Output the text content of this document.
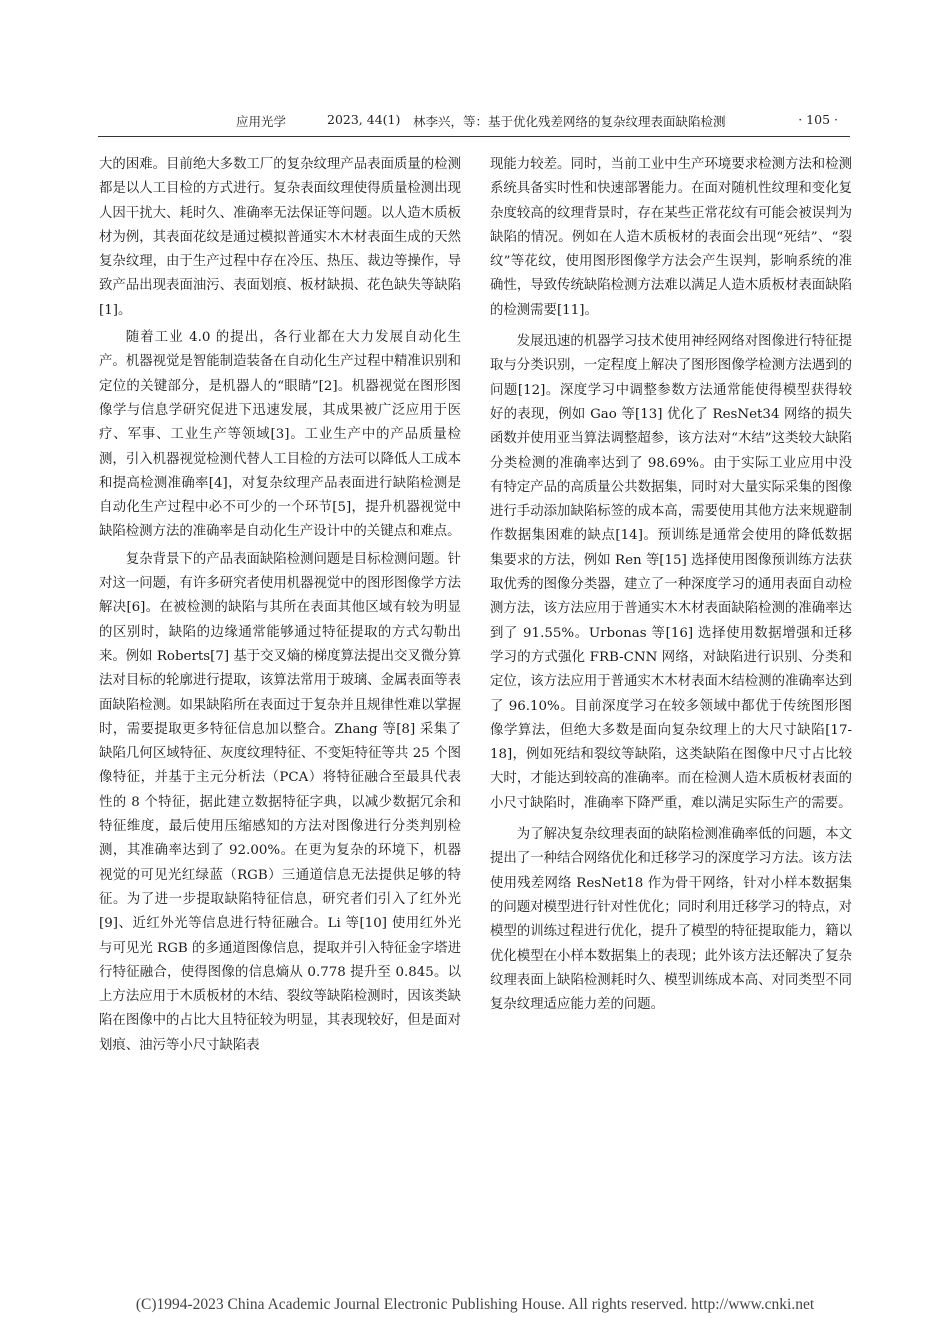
应用光学	2023, 44(1) 林李兴，等：基于优化残差网络的复杂纹理表面缺陷检测	· 105 ·

大的困难。目前绝大多数工厂的复杂纹理产品表面质量的检测都是以人工目检的方式进行。复杂表面纹理使得质量检测出现人因干扰大、耗时久、准确率无法保证等问题。以人造木质板材为例，其表面花纹是通过模拟普通实木木材表面生成的天然复杂纹理，由于生产过程中存在冷压、热压、裁边等操作，导致产品出现表面油污、表面划痕、板材缺损、花色缺失等缺陷[1]。

随着工业 4.0 的提出，各行业都在大力发展自动化生产。机器视觉是智能制造装备在自动化生产过程中精准识别和定位的关键部分，是机器人的“眼睛”[2]。机器视觉在图形图像学与信息学研究促进下迅速发展，其成果被广泛应用于医疗、军事、工业生产等领域[3]。工业生产中的产品质量检测，引入机器视觉检测代替人工目检的方法可以降低人工成本和提高检测准确率[4]，对复杂纹理产品表面进行缺陷检测是自动化生产过程中必不可少的一个环节[5]，提升机器视觉中缺陷检测方法的准确率是自动化生产设计中的关键点和难点。

复杂背景下的产品表面缺陷检测问题是目标检测问题。针对这一问题，有许多研究者使用机器视觉中的图形图像学方法解决[6]。在被检测的缺陷与其所在表面其他区域有较为明显的区别时，缺陷的边缘通常能够通过特征提取的方式勾勒出来。例如 Roberts[7] 基于交叉熵的梯度算法提出交叉微分算法对目标的轮廓进行提取，该算法常用于玻璃、金属表面等表面缺陷检测。如果缺陷所在表面过于复杂并且规律性难以掌握时，需要提取更多特征信息加以整合。Zhang 等[8] 采集了缺陷几何区域特征、灰度纹理特征、不变矩特征等共 25 个图像特征，并基于主元分析法（PCA）将特征融合至最具代表性的 8 个特征，据此建立数据特征字典，以减少数据冗余和特征维度，最后使用压缩感知的方法对图像进行分类判别检测，其准确率达到了 92.00%。在更为复杂的环境下，机器视觉的可见光红绿蓝（RGB）三通道信息无法提供足够的特征。为了进一步提取缺陷特征信息，研究者们引入了红外光[9]、近红外光等信息进行特征融合。Li 等[10] 使用红外光与可见光 RGB 的多通道图像信息，提取并引入特征金字塔进行特征融合，使得图像的信息熵从 0.778 提升至 0.845。以上方法应用于木质板材的木结、裂纹等缺陷检测时，因该类缺陷在图像中的占比大且特征较为明显，其表现较好，但是面对划痕、油污等小尺寸缺陷表

现能力较差。同时，当前工业中生产环境要求检测方法和检测系统具备实时性和快速部署能力。在面对随机性纹理和变化复杂度较高的纹理背景时，存在某些正常花纹有可能会被误判为缺陷的情况。例如在人造木质板材的表面会出现“死结”、“裂纹”等花纹，使用图形图像学方法会产生误判，影响系统的准确性，导致传统缺陷检测方法难以满足人造木质板材表面缺陷的检测需要[11]。

发展迅速的机器学习技术使用神经网络对图像进行特征提取与分类识别，一定程度上解决了图形图像学检测方法遇到的问题[12]。深度学习中调整参数方法通常能使得模型获得较好的表现，例如 Gao 等[13] 优化了 ResNet34 网络的损失函数并使用亚当算法调整超参，该方法对“木结”这类较大缺陷分类检测的准确率达到了 98.69%。由于实际工业应用中没有特定产品的高质量公共数据集，同时对大量实际采集的图像进行手动添加缺陷标签的成本高，需要使用其他方法来规避制作数据集困难的缺点[14]。预训练是通常会使用的降低数据集要求的方法，例如 Ren 等[15] 选择使用图像预训练方法获取优秀的图像分类器，建立了一种深度学习的通用表面自动检测方法，该方法应用于普通实木木材表面缺陷检测的准确率达到了 91.55%。Urbonas 等[16] 选择使用数据增强和迁移学习的方式强化 FRB-CNN 网络，对缺陷进行识别、分类和定位，该方法应用于普通实木木材表面木结检测的准确率达到了 96.10%。目前深度学习在较多领域中都优于传统图形图像学算法，但绝大多数是面向复杂纹理上的大尺寸缺陷[17-18]，例如死结和裂纹等缺陷，这类缺陷在图像中尺寸占比较大时，才能达到较高的准确率。而在检测人造木质板材表面的小尺寸缺陷时，准确率下降严重，难以满足实际生产的需要。

为了解决复杂纹理表面的缺陷检测准确率低的问题，本文提出了一种结合网络优化和迁移学习的深度学习方法。该方法使用残差网络 ResNet18 作为骨干网络，针对小样本数据集的问题对模型进行针对性优化；同时利用迁移学习的特点，对模型的训练过程进行优化，提升了模型的特征提取能力，籍以优化模型在小样本数据集上的表现；此外该方法还解决了复杂纹理表面上缺陷检测耗时久、模型训练成本高、对同类型不同复杂纹理适应能力差的问题。

(C)1994-2023 China Academic Journal Electronic Publishing House. All rights reserved. http://www.cnki.net
